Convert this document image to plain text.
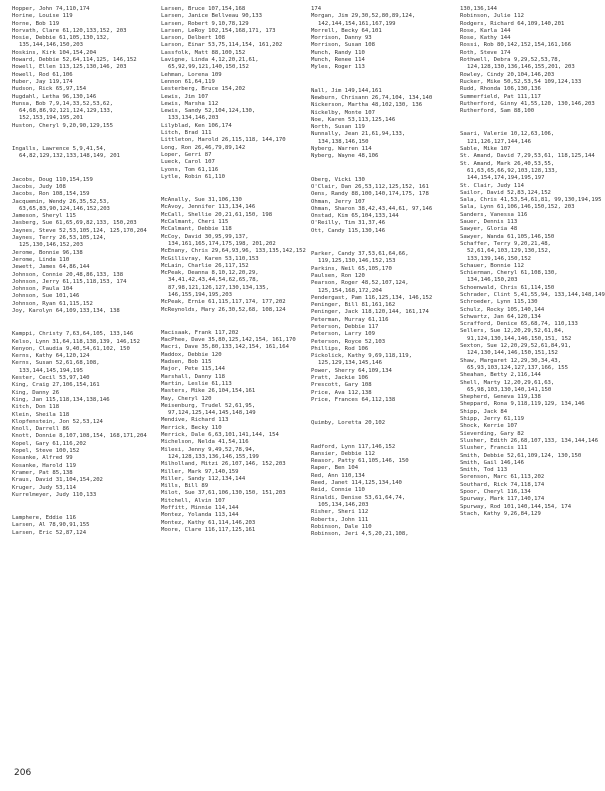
Hopper, John 74,110,174
Horine, Louise 119
Horne, Bob 119
Horvath, Clare 61,120,133,152, 203
Hosie, Debbie 61,105,130,132, 135,144,146,150,203
Hoskins, Kirk 104,154,204
Howard, Debbie 52,64,114,125, 146,152
Howell, Ellen 113,125,130,146, 203
Howell, Rod 61,106
Huber, Jay 119,174
Hudson, Rick 65,97,154
Hugdahl, Letha 96,130,146
Hunsa, Bob 7,9,14,33,52,53,62, 64,68,86,92,121,124,129,133, 152,153,194,195,201
Huston, Cheryl 9,20,90,129,155
Ingalls, Lawrence 5,9,41,54, 64,82,129,132,133,148,149, 201
Jacobs, Doug 110,154,159
Jacobs, Judy 108
Jacobs, Ron 108,154,159
Jacquemin, Wendy 26,35,52,53, 63,65,83,90,124,146,152,203
Jameson, Sheryl 115
Jasberg, Sue 61,65,69,82,133, 150,203
Jaynes, Steve 52,53,105,124, 125,170,204
Jaynes, Terry 26,53,105,124, 125,130,146,152,203
Jerome, Bonnie 96,138
Jerome, Linda 110
Jewett, James 64,86,144
Johnson, Connie 20,48,86,133, 138
Johnson, Jerry 61,115,118,153, 174
Johnson, Paula 104
Johnson, Sue 101,146
Johnson, Ryan 61,115,152
Joy, Karolyn 64,109,133,134, 138
Kamppi, Christy 7,63,64,105, 133,146
Kelso, Lynn 31,64,118,138,139, 146,152
Kenyon, Claudia 9,40,54,61,102, 150
Kerns, Kathy 64,120,124
Kerns, Susan 52,61,68,108, 133,144,145,194,195
Kester, Cecil 53,97,140
King, Craig 27,106,154,161
King, Danny 26
King, Jan 115,118,134,138,146
Kitch, Don 118
Klein, Sheila 118
Klopfenstein, Jon 52,53,124
Knoll, Darrell 86
Knott, Donnie 8,107,108,154, 168,171,204
Kopel, Gary 61,116,202
Kopel, Steve 100,152
Kosanke, Alfred 99
Kosanke, Harold 119
Kramer, Pat 85,138
Kraus, David 31,104,154,202
Kruger, Judy 53,114
Kurrelmeyer, Judy 110,133
Lamphere, Eddie 116
Larsen, Al 78,90,91,155
Larsen, Eric 52,87,124
Larsen, Bruce 107,154,168
Larsen, Janice Bellveau 90,133
Larsen, Robert 9,10,78,129
Larsen, LeRoy 102,154,168,171, 173
Larson, Delbert 108
Larson, Einar 53,75,114,154, 161,202
Lassfolk, Matt 88,100,152
Lavigne, Linda 4,12,20,21,61, 65,92,99,121,140,150,152
Lehman, Lorena 109
Lennon 61,64,119
Lesterberg, Bruce 154,202
Lewis, Jim 107
Lewis, Marsha 112
Lewis, Sandy 52,104,124,130, 133,134,146,203
Lilyblad, Ken 106,174
Litch, Brad 111
Littleton, Harold 26,115,118, 144,170
Long, Ron 26,46,79,89,142
Loper, Gerri 87
Lueck, Carol 107
Lyons, Tom 61,116
Lytle, Robin 61,110
McAnally, Sue 31,106,130
McAvoy, Jennifer 113,134,146
McCall, Shellie 20,21,61,150, 198
McCalmant, Cheri 115
McCalmant, Debbie 118
McCoy, David 30,95,99,137, 134,161,165,174,175,198, 201,202
McEnany, Chris 29,64,93,96, 133,135,142,152
McGillivray, Karen 53,110,153
McLain, Charlie 26,117,152
McPeak, Deanna 8,10,12,20,29, 34,41,42,43,44,54,62,65,78, 87,98,121,126,127,130,134,135, 146,155,194,195,203
McPeak, Ernie 61,115,117,174, 177,202
McReynolds, Mary 26,30,52,68, 108,124
Macisaak, Frank 117,202
MacPhee, Dave 35,80,125,142,154, 161,170
Macri, Dave 35,80,133,142,154, 161,164
Maddox, Debbie 120
Madsen, Bob 115
Major, Pete 115,144
Marshall, Danny 118
Martin, Leslie 61,113
Masters, Mike 26,104,154,161
May, Cheryl 120
Meisenburg, Trudel 52,61,95, 97,124,125,144,145,148,149
Mendive, Richard 113
Merrick, Becky 110
Merrick, Dale 6,63,101,141,144, 154
Michelson, Nelda 41,54,116
Milesi, Jenny 9,49,52,78,94, 124,128,133,136,146,155,199
Milholland, Mitzi 26,107,146, 152,203
Miller, Mark 97,140,159
Miller, Sandy 112,134,144
Mills, Bill 89
Milot, Sue 37,61,106,130,150, 151,203
Mitchell, Alvin 107
Moffitt, Minnie 114,144
Montez, Yolanda 113,144
Montez, Kathy 61,114,146,203
Moore, Clare 116,117,125,161
174
Morgan, Jim 29,30,52,80,89,124, 142,144,154,161,167,199
Morrell, Becky 64,101
Morrison, Danny 93
Morrison, Susan 108
Munch, Randy 110
Munch, Renee 114
Myles, Roger 113
Nall, Jim 149,144,161
Newburn, Chrisann 26,74,104, 134,140
Nickerson, Martha 48,102,130, 136
Nickelby, Monte 107
Noe, Karen 53,113,125,146
North, Susan 119
Nunnally, Jean 21,61,94,133, 134,138,146,150
Nyberg, Warren 114
Nyberg, Wayne 48,106
Oberg, Vicki 130
O'Clair, Dan 26,53,112,125,152, 161
Oens, Randy 88,100,140,174,175, 178
Ohman, Jerry 107
Ohman, Sharon 38,42,43,44,61, 97,146
Onstad, Kim 65,104,133,144
O'Reilly, Tim 31,37,46
Ott, Candy 115,130,146
Parker, Candy 37,53,61,64,66, 119,125,130,146,152,153
Parkins, Neil 65,105,170
Paulsen, Ron 120
Pearson, Roger 48,52,107,124, 125,154,168,172,204
Pendergast, Pam 116,125,134, 146,152
Peninger, Bill 81,161,162
Peninger, Jack 118,120,144, 161,174
Peterman, Murray 61,116
Peterson, Debbie 117
Peterson, Larry 109
Peterson, Royce 52,103
Phillips, Rod 106
Pickolick, Kathy 9,69,118,119, 125,129,134,145,146
Power, Sherry 64,109,134
Pratt, Jackie 106
Prescott, Gary 108
Price, Ava 112,138
Price, Frances 64,112,138
Quimby, Loretta 20,102
Radford, Lynn 117,146,152
Ransier, Debbie 112
Reasor, Patty 61,105,146, 150
Raper, Ben 104
Red, Ann 110,134
Reed, Janet 114,125,134,140
Reid, Connie 110
Rinaldi, Denise 53,61,64,74, 105,134,146,203
Risher, Sheri 112
Roberts, John 111
Robinson, Dale 110
Robinson, Jeri 4,5,20,21,108,
130,136,144
Robinson, Julie 112
Rodgers, Richard 64,109,140,201
Rose, Karla 144
Rose, Kathy 144
Rossi, Rob 80,142,152,154,161,166
Roth, Steve 174
Rothwell, Debra 9,29,52,53,78, 124,128,130,136,146,155,201, 203
Rowley, Cindy 20,104,146,203
Rucker, Mike 50,52,53,54 109,124,133
Rudd, Rhonda 106,130,136
Summerfield, Pat 111,117
Rutherford, Ginny 41,55,120, 130,146,203
Rutherford, Sam 88,100
Saari, Valerie 10,12,63,106, 121,126,127,144,146
Sable, Mike 107
St. Amand, David 7,29,53,61, 118,125,144
St. Amand, Mark 26,40,53,55, 61,63,65,66,92,103,128,133, 144,154,174,194,195,197
St. Clair, Judy 114
Sailor, David 52,83,124,152
Sala, Chris 41,53,54,61,81, 99,130,194,195
Sala, Lynn 61,106,146,150,152, 203
Sanders, Vanessa 116
Sauer, Dennis 113
Sawyer, Gloria 48
Sawyer, Wanda 61,105,146,150
Schaffer, Terry 9,20,21,48, 52,61,64,103,129,130,152, 133,139,146,150,152
Schauer, Bonnie 112
Schierman, Cheryl 61,108,130, 134,146,150,203
Schoenwald, Chris 61,114,150
Schrader, Clint 5,41,55,94, 133,144,148,149
Schroeder, Lynn 115,130
Schulz, Rocky 105,140,144
Schwartz, Jan 64,120,134
Scrafford, Denice 65,68,74, 110,133
Sellers, Sue 12,20,29,52,61,84, 91,124,130,144,146,150,151, 152
Sexton, Sue 12,20,29,52,61,84,91, 124,130,144,146,150,151,152
Shaw, Margaret 12,29,30,34,43, 65,93,103,124,127,137,166, 155
Sheahan, Betty 2,116,144
Shell, Marty 12,20,29,61,63, 65,98,103,130,140,141,150
Shepherd, Geneva 119,138
Sheppard, Rona 9,118,119,129, 134,146
Shipp, Jack 84
Shipp, Jerry 61,119
Shock, Kerrie 107
Sieverding, Gary 82
Slusher, Edith 26,68,107,133, 134,144,146
Slusher, Francis 111
Smith, Debbie 52,61,109,124, 130,150
Smith, Gail 146,146
Smith, Tod 113
Sorenson, Marc 61,113,202
Southard, Rick 74,118,174
Spoor, Cheryl 116,134
Spurway, Mark 117,140,174
Spurway, Rod 101,140,144,154, 174
Stach, Kathy 9,26,84,129
206
